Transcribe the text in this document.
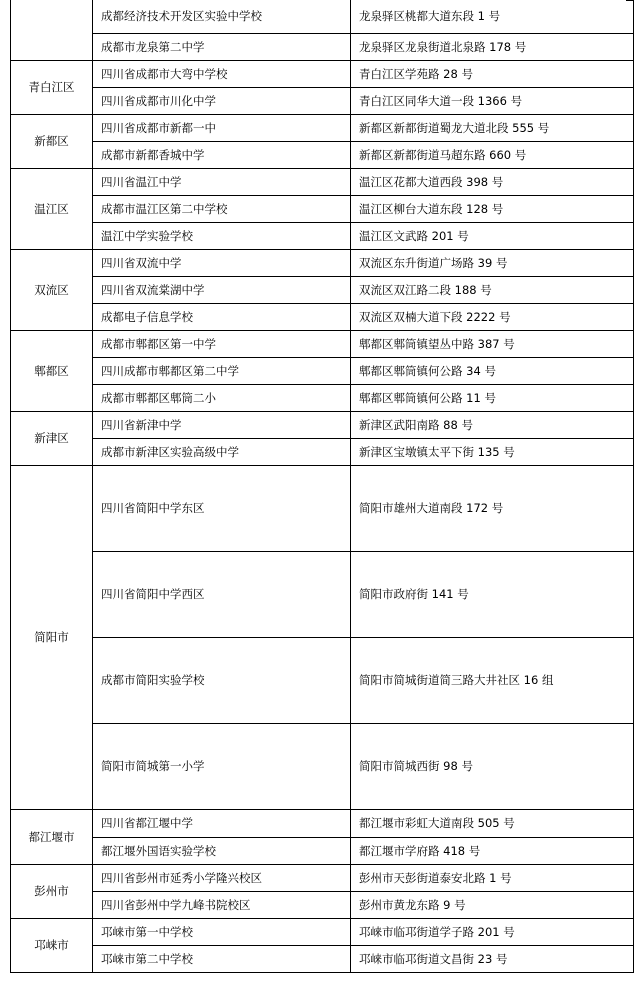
	成都经济技术开发区实验中学校	龙泉驿区桃都大道东段 1 号
	成都市龙泉第二中学	龙泉驿区龙泉街道北泉路 178 号
青白江区	四川省成都市大弯中学校	青白江区学苑路 28 号
	四川省成都市川化中学	青白江区同华大道一段 1366 号
新都区	四川省成都市新都一中	新都区新都街道蜀龙大道北段 555 号
	成都市新都香城中学	新都区新都街道马超东路 660 号
温江区	四川省温江中学	温江区花都大道西段 398 号
	成都市温江区第二中学校	温江区柳台大道东段 128 号
	温江中学实验学校	温江区文武路 201 号
双流区	四川省双流中学	双流区东升街道广场路 39 号
	四川省双流棠湖中学	双流区双江路二段 188 号
	成都电子信息学校	双流区双楠大道下段 2222 号
郫都区	成都市郫都区第一中学	郫都区郫筒镇望丛中路 387 号
	四川成都市郫都区第二中学	郫都区郫筒镇何公路 34 号
	成都市郫都区郫筒二小	郫都区郫筒镇何公路 11 号
新津区	四川省新津中学	新津区武阳南路 88 号
	成都市新津区实验高级中学	新津区宝墩镇太平下街 135 号
简阳市	四川省简阳中学东区	简阳市雄州大道南段 172 号
	四川省简阳中学西区	简阳市政府街 141 号
	成都市简阳实验学校	简阳市简城街道简三路大井社区 16 组
	简阳市简城第一小学	简阳市简城西街 98 号
都江堰市	四川省都江堰中学	都江堰市彩虹大道南段 505 号
	都江堰外国语实验学校	都江堰市学府路 418 号
彭州市	四川省彭州市延秀小学隆兴校区	彭州市天彭街道泰安北路 1 号
	四川省彭州中学九峰书院校区	彭州市黄龙东路 9 号
邛崃市	邛崃市第一中学校	邛崃市临邛街道学子路 201 号
	邛崃市第二中学校	邛崃市临邛街道文昌街 23 号
